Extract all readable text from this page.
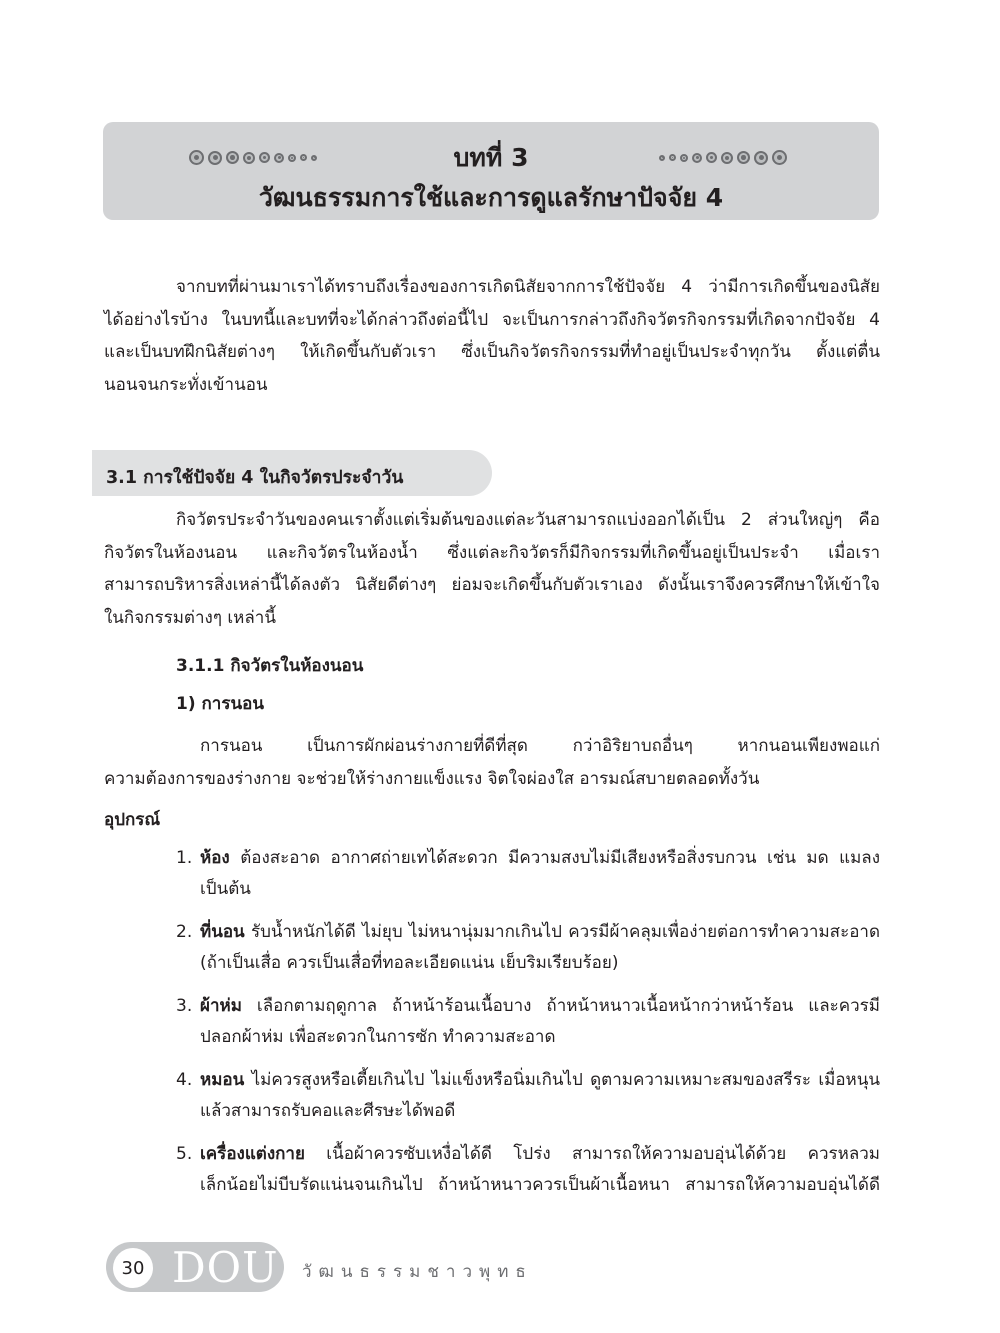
บทที่ 3
วัฒนธรรมการใช้และการดูแลรักษาปัจจัย 4
จากบทที่ผ่านมาเราได้ทราบถึงเรื่องของการเกิดนิสัยจากการใช้ปัจจัย 4 ว่ามีการเกิดขึ้นของนิสัย
ได้อย่างไรบ้าง ในบทนี้และบทที่จะได้กล่าวถึงต่อนี้ไป จะเป็นการกล่าวถึงกิจวัตรกิจกรรมที่เกิดจากปัจจัย 4
และเป็นบทฝึกนิสัยต่างๆ ให้เกิดขึ้นกับตัวเรา ซึ่งเป็นกิจวัตรกิจกรรมที่ทำอยู่เป็นประจำทุกวัน ตั้งแต่ตื่น
นอนจนกระทั่งเข้านอน
3.1 การใช้ปัจจัย 4 ในกิจวัตรประจำวัน
กิจวัตรประจำวันของคนเราตั้งแต่เริ่มต้นของแต่ละวันสามารถแบ่งออกได้เป็น 2 ส่วนใหญ่ๆ คือ
กิจวัตรในห้องนอน และกิจวัตรในห้องน้ำ ซึ่งแต่ละกิจวัตรก็มีกิจกรรมที่เกิดขึ้นอยู่เป็นประจำ เมื่อเรา
สามารถบริหารสิ่งเหล่านี้ได้ลงตัว นิสัยดีต่างๆ ย่อมจะเกิดขึ้นกับตัวเราเอง ดังนั้นเราจึงควรศึกษาให้เข้าใจ
ในกิจกรรมต่างๆ เหล่านี้
3.1.1 กิจวัตรในห้องนอน
1) การนอน
การนอน เป็นการผักผ่อนร่างกายที่ดีที่สุด กว่าอิริยาบถอื่นๆ หากนอนเพียงพอแก่
ความต้องการของร่างกาย จะช่วยให้ร่างกายแข็งแรง จิตใจผ่องใส อารมณ์สบายตลอดทั้งวัน
อุปกรณ์
1. ห้อง ต้องสะอาด อากาศถ่ายเทได้สะดวก มีความสงบไม่มีเสียงหรือสิ่งรบกวน เช่น มด แมลง
เป็นต้น
2. ที่นอน รับน้ำหนักได้ดี ไม่ยุบ ไม่หนานุ่มมากเกินไป ควรมีผ้าคลุมเพื่อง่ายต่อการทำความสะอาด
(ถ้าเป็นเสื่อ ควรเป็นเสื่อที่ทอละเอียดแน่น เย็บริมเรียบร้อย)
3. ผ้าห่ม เลือกตามฤดูกาล ถ้าหน้าร้อนเนื้อบาง ถ้าหน้าหนาวเนื้อหน้ากว่าหน้าร้อน และควรมี
ปลอกผ้าห่ม เพื่อสะดวกในการซัก ทำความสะอาด
4. หมอน ไม่ควรสูงหรือเตี้ยเกินไป ไม่แข็งหรือนิ่มเกินไป ดูตามความเหมาะสมของสรีระ เมื่อหนุน
แล้วสามารถรับคอและศีรษะได้พอดี
5. เครื่องแต่งกาย เนื้อผ้าควรซับเหงื่อได้ดี โปร่ง สามารถให้ความอบอุ่นได้ด้วย ควรหลวม
เล็กน้อยไม่บีบรัดแน่นจนเกินไป ถ้าหน้าหนาวควรเป็นผ้าเนื้อหนา สามารถให้ความอบอุ่นได้ดี
30 DOU วัฒนธรรมชาวพุทธ
